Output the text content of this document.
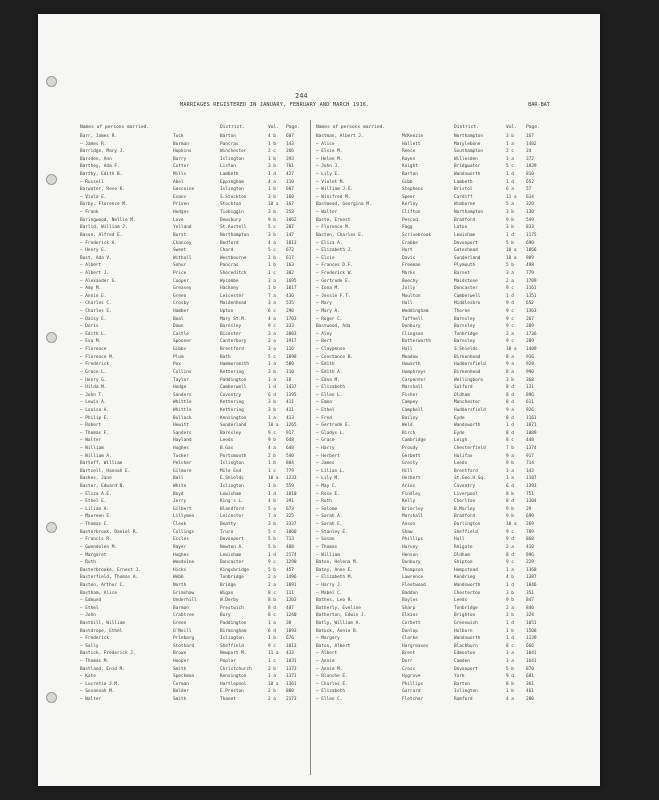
244
MARRIAGES REGISTERED IN JANUARY, FEBRUARY AND MARCH 1916.	BAR-BAT
Names of persons married.	District.	Vol.	Page.
Barr, James R.	Tuck	Barton	4 b	607
— James R.	Borman	Pancras	1 b	143
Barridge, Mary J.	Hopkins	Winchester	2 c	266
Barsden, Ann	Barry	Islington	1 b	393
Barthey, Ada F.	Cutter	Liston	3 b	761
Barthy, Edith B.	Mills	Lambeth	1 d	427
— Russell	Abel	Eppingham	4 a	110
Barwater, Rose K.	Gascoine	Islington	1 b	607
— Viola E.	Evans	S.Stockton	3 b	160
Barby, Florence M.	Prisen	Stockton	10 a	167
— Frank	Hedges	Tiebiggin	3 b	253
Baringwood, Nellie M.	Love	Dewsbury	9 b	1062
Barlid, William J.	Yelland	St.Austell	5 c	287
Bason, Alfred E.	Burst	Northampton	3 b	147
— Frederick A.	Chancey	Bedford	4 a	1013
— Henry E.	Sweet	Chard	5 c	672
Bast, Ada V.	Withall	Westbourne	2 b	617
— Albert	Sohur	Pancras	1 b	163
— Albert J.	Price	Shoreditch	1 c	302
— Alexander G.	Cooper	Wycombe	3 a	1695
— Amy M.	Greasey	Hackney	1 b	1017
— Annie E.	Green	Leicester	7 a	430
— Charles C.	Crosby	Maidenhead	3 a	535
— Charles E.	Hamber	Upton	6 c	290
— Daisy E.	Boal	Mary St.M.	4 a	1703
— Doris	Dawn	Barnsley	9 c	333
— Edith L.	Castle	Bicester	3 a	2003
— Eva M.	Spooner	Canterbury	2 a	1917
— Florence	Gibbs	Brentford	3 a	116
— Florence M.	Plum	Bath	5 c	1098
— Frederick	Pox	Hammersmith	1 a	580
— Grace L.	Collins	Kettering	3 b	110
— Henry G.	Taylor	Paddington	1 a	18
— Hilda M.	Hodge	Camberwell	1 d	1437
— John T.	Sanders	Coventry	6 d	1195
— Lewis A.	Whittle	Kettering	3 b	411
— Louisa A.	Whittle	Kettering	3 b	411
— Philip E.	Bullock	Kensington	1 a	413
— Robert	Hewitt	Sunderland	10 a	1265
— Thomas F.	Sanders	Barnsley	9 c	917
— Walter	Hayland	Leeds	9 b	648
— William	Hughes	B.Gas	4 a	648
— William A.	Tucker	Portsmouth	2 b	540
Bartoff, William	Pelcher	Islington	1 b	884
Bartsell, Hannah E.	Gilmore	Mile End	1 c	779
Baskes, Jane	Ball	E.Shields	10 a	1233
Baster, Edward N.	White	Islington	1 b	559
— Eliza A.E.	Boyd	Lewisham	1 d	1010
— Ethel E.	Jerry	King's L.	4 b	391
— Lilian A.	Gilbert	Blandford	5 a	673
— Maureen E.	Lillymen	Leicester	7 a	325
— Thomas C.	Cleek	Beatty	3 b	3337
Basterbrook, Daniel R.	Collings	Truro	5 c	1060
— Francis R.	Eccles	Devonport	5 b	713
— Gwendolen M.	Rayer	Newton A.	5 b	408
— Margaret	Hughes	Lewisham	1 d	2174
— Ruth	Woodvine	Doncaster	9 c	1290
Basterbrooke, Ernest J.	Hicks	Kingsbridge	5 b	457
Basterfield, Thomas A.	Webb	Tonbridge	2 a	1496
Basten, Arthur C.	North	Bridge	2 a	1091
Bastham, Alice	Grimshaw	Wigan	8 c	111
— Edmund	Underhill	W.Derby	8 b	1203
— Ethel	Barman	Prestwich	8 d	487
— John	Crabtree	Bury	8 c	1240
Basthill, William	Green	Paddington	1 a	38
Bastdrope, Ethel	O'Neill	Birmingham	6 d	1093
— Frederick	Prieberg	Islington	1 b	676
— Sally	Stothard	Sheffield	9 c	1013
Bastick, Frederick J.	Brown	Newport M.	11 a	433
— Thomas M.	Hooper	Poplar	1 c	1031
Bastland, Enid M.	Smith	Christchurch	2 b	1373
— Kate	Speckman	Kensington	1 a	1371
— Lucretia J.M.	Corman	Hartlepool	10 a	1361
— Susannah M.	Bolder	E.Preston	2 b	880
— Walter	Smith	Thanet	2 a	2173
Names of persons married.	District.	Vol.	Page.
Bastman, Albert J.	McKenzie	Northampton	3 b	167
— Alice	Hallett	Marylebone	1 a	1482
— Elsie M.	Reece	Southampton	2 c	24
— Helen M.	Rayes	Willesden	3 a	372
— John J.	Knight	Bridgwater	5 c	1039
— Lily E.	Barton	Wandsworth	1 d	810
— Violet M.	Gibb	Lambeth	1 d	652
— William J.E.	Stephens	Bristol	6 a	57
— Winifred M.	Speer	Cardiff	11 a	614
Bastmead, Georgina M.	Kerley	Wimborne	5 a	320
— Walter	Clifton	Northampton	3 b	130
Baste, Ernest	Pescod	Bradford	9 b	549
— Florence M.	Fagg	Luton	3 b	833
Basten, Charles E.	Scrivebrook	Lewisham	1 d	1175
— Eliza A.	Crabbe	Devonport	5 b	690
— Elizabeth J.	Hart	Gateshead	10 a	1066
— Elsie	Davis	Sunderland	10 a	989
— Frances D.F.	Freeman	Plymouth	5 b	498
— Frederick W.	Marks	Barnet	3 a	779
— Gertrude E.	Beechy	Maidstone	2 a	1709
— Iona M.	Jolly	Doncaster	9 c	1161
— Jessie F.T.	Moulton	Camberwell	1 d	1351
— Mary	Hall	Middlesbro	9 d	652
— Mary A.	Weddingham	Thorne	9 c	1363
— Roger C.	Taffnell	Barnsley	9 c	267
Bastwood, Ada	Dunbury	Barnsley	9 c	209
— Aley	Clingson	Tonbridge	2 a	1736
— Bert	Butterworth	Barnsley	9 c	209
— Claypense	Hall	S.Shields	10 a	1409
— Constance B.	Meadow	Birkenhead	8 a	916
— Edith	Howarth	Huddersfield	9 a	928
— Edith A.	Humphreys	Birkenhead	8 a	990
— Edna M.	Carpenter	Wellingboro	3 b	368
— Elizabeth	Marshall	Salford	8 d	131
— Ellen L.	Fisher	Oldham	8 d	896
— Emma	Campey	Manchester	8 d	611
— Ethel	Campbell	Huddersfield	9 a	926
— Fred	Bailey	Eyde	8 d	1161
— Gertrude E.	Weld	Wandsworth	1 d	1071
— Gladys L.	Birch	Eyde	8 d	1089
— Grace	Cambridge	Leigh	8 c	448
— Harry	Proudy	Chesterfield	7 b	1374
— Herbert	Gerbett	Halifax	9 a	917
— James	Gresty	Leeds	9 b	714
— Lilian L.	Hill	Brentford	3 a	143
— Lily M.	Herbert	St.Geo.H.Sq.	1 a	1187
— May C.	Aries	Coventry	6 d	1393
— Rose E.	Findley	Liverpool	8 b	751
— Ruth	Kelly	Chorlton	8 d	1304
— Salome	Brierley	B.Morley	9 b	29
— Sarah A.	Marshall	Bradford	9 b	690
— Sarah E.	Anson	Darlington	10 a	269
— Stanley E.	Shaw	Sheffield	9 c	789
— Susan	Phillips	Hull	9 d	868
— Thomas	Harvey	Reigate	2 a	410
— William	Henson	Oldham	8 d	896
Baton, Helena M.	Dunbury	Shipton	9 c	229
Batey, Anne E.	Thompson	Hempstead	1 a	1368
— Elizabeth M.	Lawrence	Kendrieg	4 b	1387
— Harry J.	Fleetwood	Wandsworth	1 d	1046
— Mabel C.	Baddon	Chesterton	3 b	351
Bathes, Leo R.	Bayles	Leeds	9 b	847
Batherly, Eveline	Sharp	Tonbridge	2 a	840
Batherton, Edwin J.	Elkins	Brighton	2 b	324
Batly, William A.	Corbett	Greenwich	1 d	1051
Batock, Annie B.	Dunlop	Holborn	1 b	1508
— Margery	Clarke	Wandsworth	1 d	1139
Baton, Albert	Hargreaves	Blackburn	8 c	666
— Albert	Brent	Edmonton	3 a	1041
— Annie	Dorr	Camden	3 a	1641
— Annie M.	Cross	Devonport	5 b	870
— Blanche E.	Hygrove	York	9 d	681
— Charles E.	Phillips	Barton	8 b	361
— Elizabeth	Garrard	Islington	1 b	461
— Ellen C.	Fletcher	Romford	4 a	280
